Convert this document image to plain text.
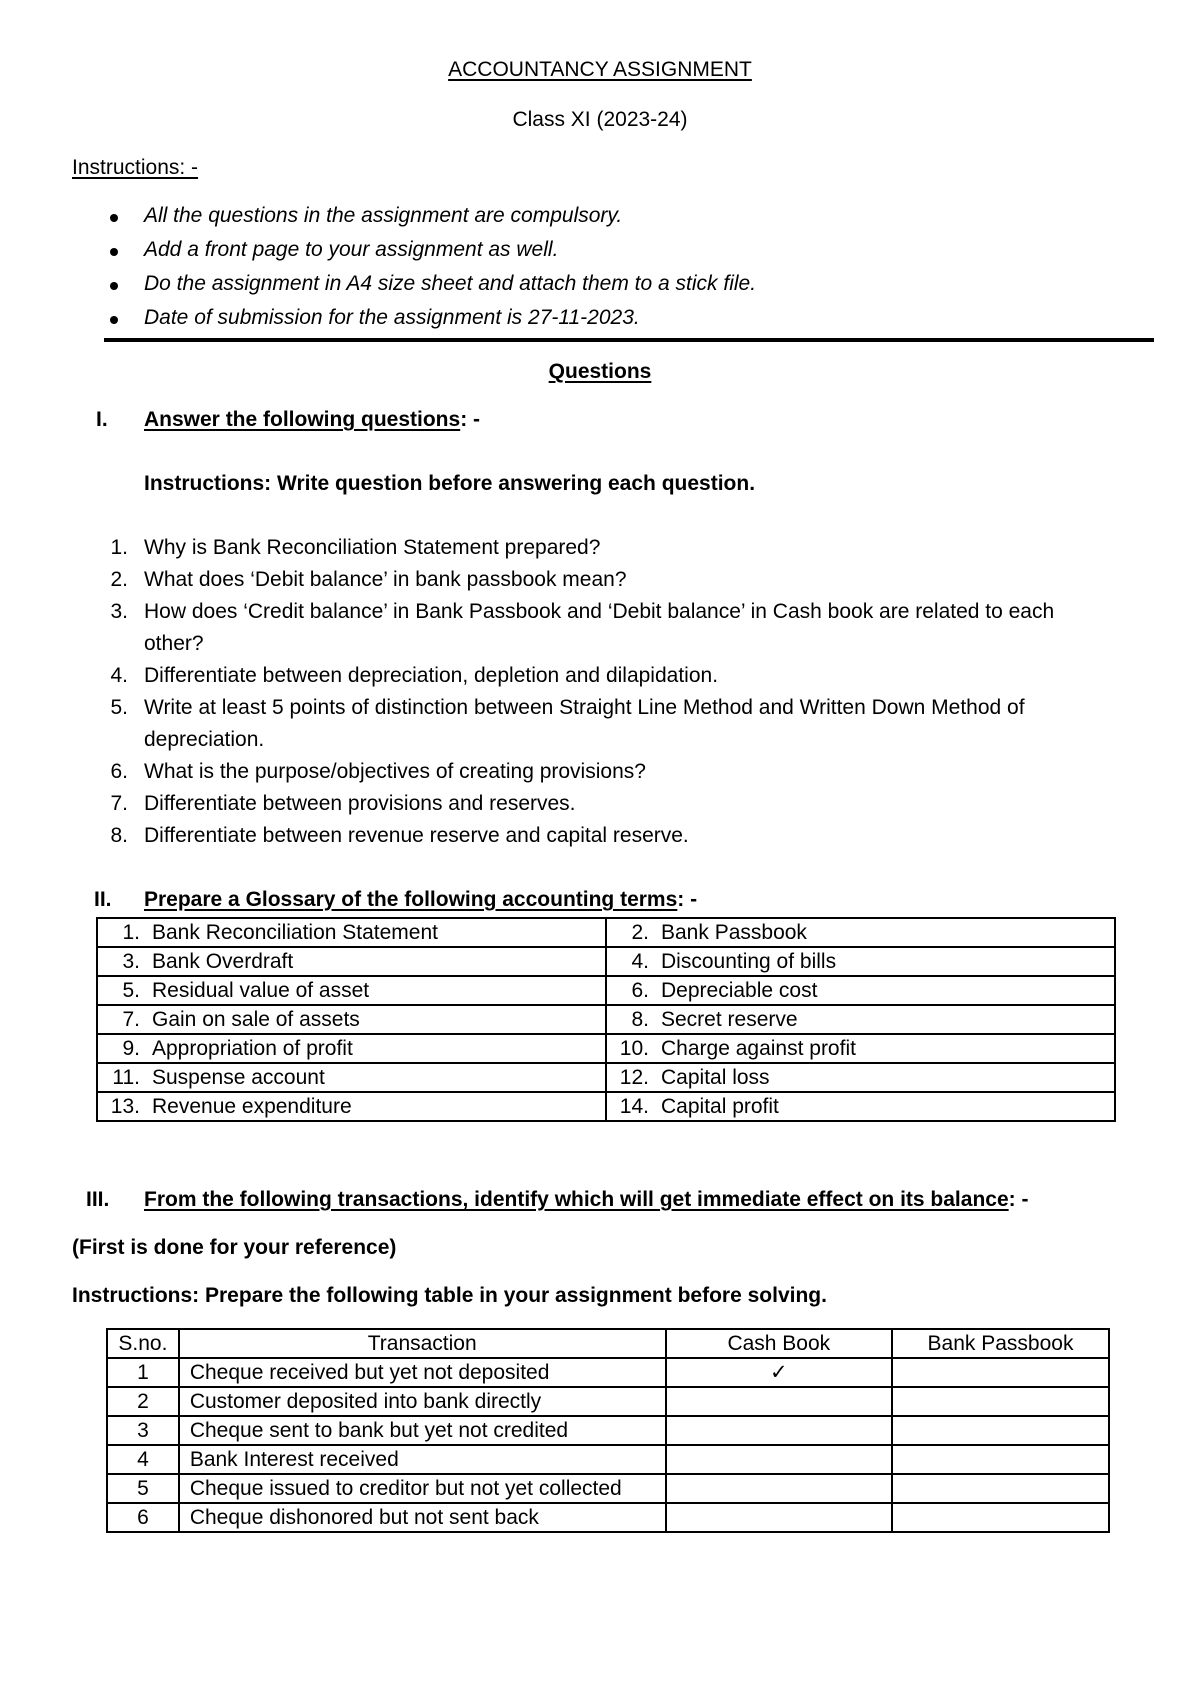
ACCOUNTANCY ASSIGNMENT
Class XI (2023-24)
Instructions: -
All the questions in the assignment are compulsory.
Add a front page to your assignment as well.
Do the assignment in A4 size sheet and attach them to a stick file.
Date of submission for the assignment is 27-11-2023.
Questions
I. Answer the following questions: -
Instructions: Write question before answering each question.
1. Why is Bank Reconciliation Statement prepared?
2. What does ‘Debit balance’ in bank passbook mean?
3. How does ‘Credit balance’ in Bank Passbook and ‘Debit balance’ in Cash book are related to each
other?
4. Differentiate between depreciation, depletion and dilapidation.
5. Write at least 5 points of distinction between Straight Line Method and Written Down Method of
depreciation.
6. What is the purpose/objectives of creating provisions?
7. Differentiate between provisions and reserves.
8. Differentiate between revenue reserve and capital reserve.
II. Prepare a Glossary of the following accounting terms: -
1. Bank Reconciliation Statement	2. Bank Passbook
3. Bank Overdraft	4. Discounting of bills
5. Residual value of asset	6. Depreciable cost
7. Gain on sale of assets	8. Secret reserve
9. Appropriation of profit	10. Charge against profit
11. Suspense account	12. Capital loss
13. Revenue expenditure	14. Capital profit
III. From the following transactions, identify which will get immediate effect on its balance: -
(First is done for your reference)
Instructions: Prepare the following table in your assignment before solving.
S.no.	Transaction	Cash Book	Bank Passbook
1	Cheque received but yet not deposited	✓	
2	Customer deposited into bank directly		
3	Cheque sent to bank but yet not credited		
4	Bank Interest received		
5	Cheque issued to creditor but not yet collected		
6	Cheque dishonored but not sent back		
